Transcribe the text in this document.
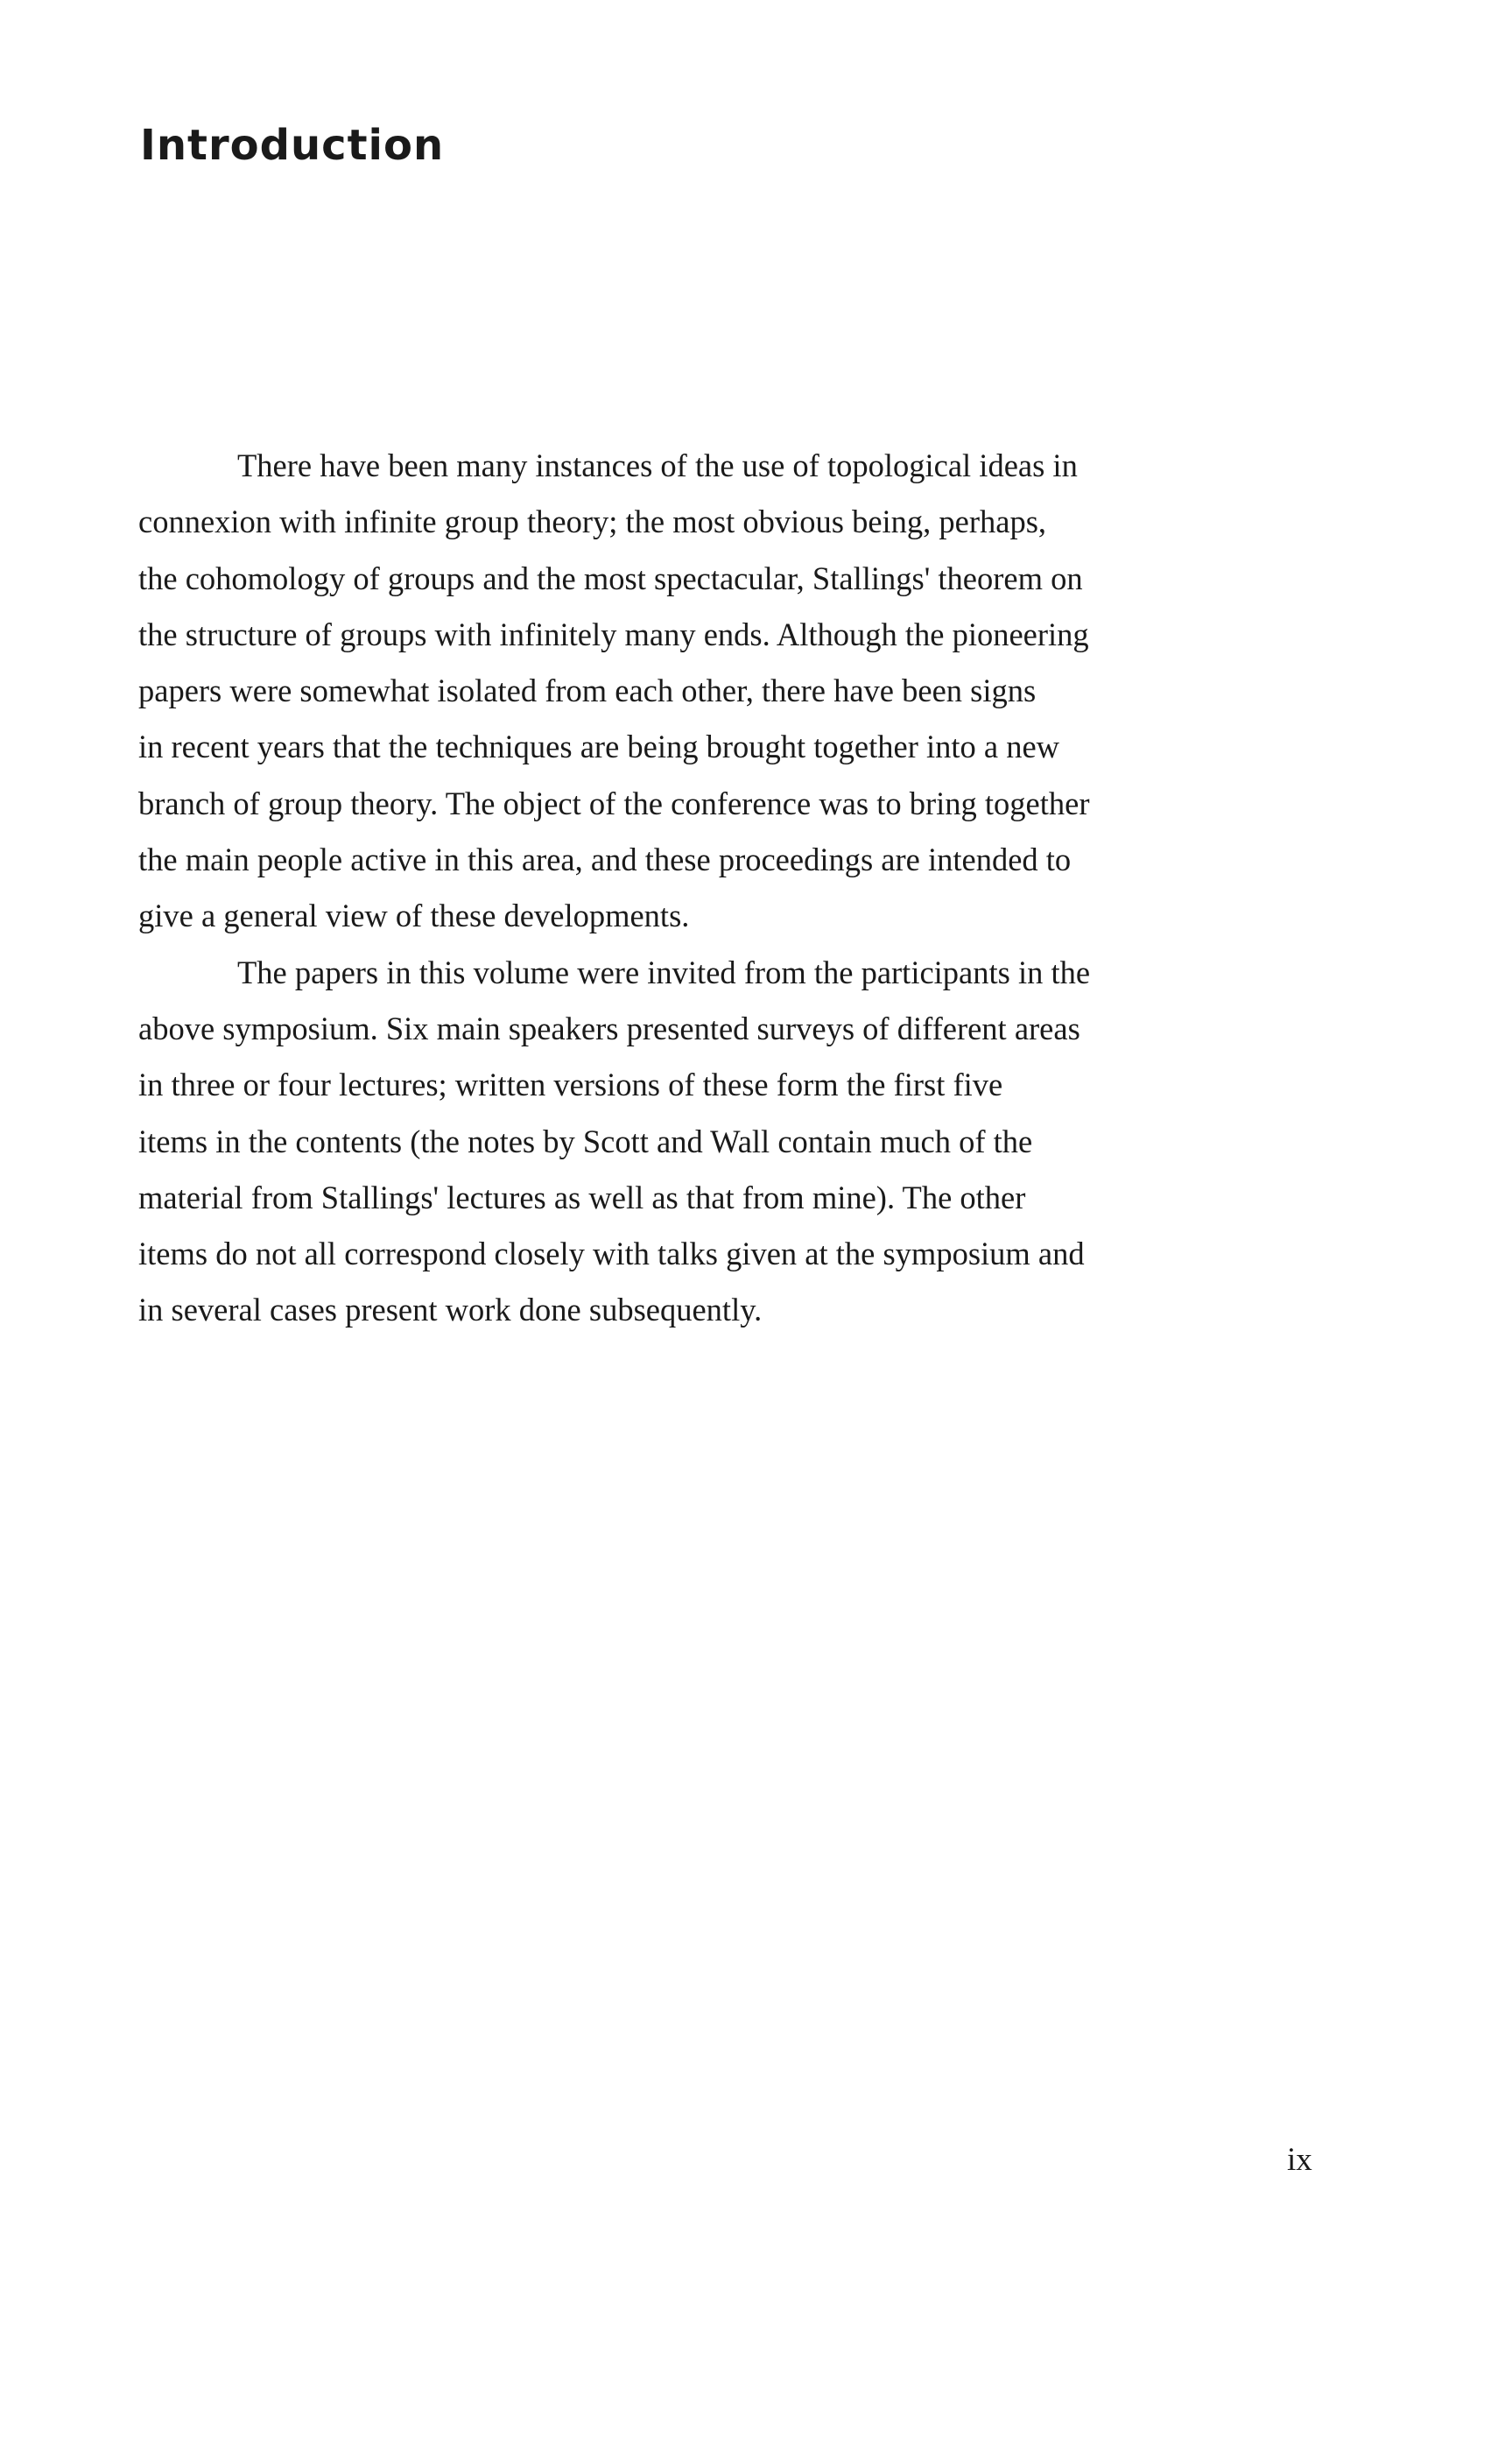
Introduction

There have been many instances of the use of topological ideas in
connexion with infinite group theory; the most obvious being, perhaps,
the cohomology of groups and the most spectacular, Stallings' theorem on
the structure of groups with infinitely many ends. Although the pioneering
papers were somewhat isolated from each other, there have been signs
in recent years that the techniques are being brought together into a new
branch of group theory. The object of the conference was to bring together
the main people active in this area, and these proceedings are intended to
give a general view of these developments.

The papers in this volume were invited from the participants in the
above symposium. Six main speakers presented surveys of different areas
in three or four lectures; written versions of these form the first five
items in the contents (the notes by Scott and Wall contain much of the
material from Stallings' lectures as well as that from mine). The other
items do not all correspond closely with talks given at the symposium and
in several cases present work done subsequently.

ix
